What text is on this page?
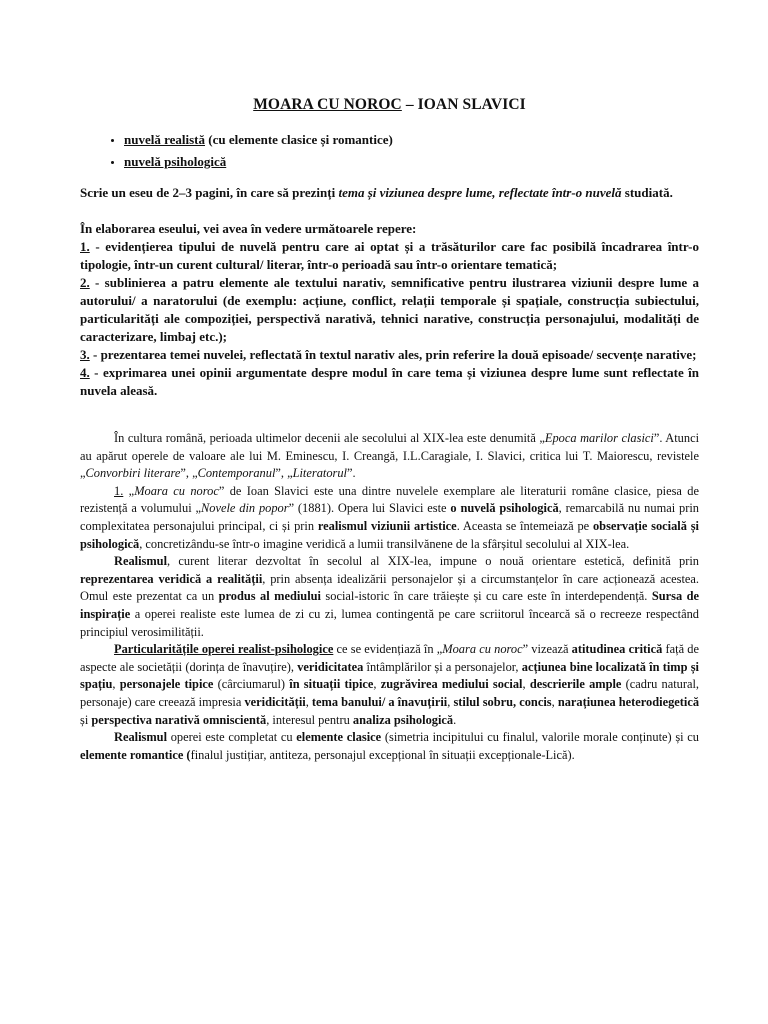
MOARA CU NOROC – IOAN SLAVICI
• nuvelă realistă (cu elemente clasice și romantice)
• nuvelă psihologică

Scrie un eseu de 2–3 pagini, în care să prezinți tema și viziunea despre lume, reflectate într-o nuvelă studiată.

În elaborarea eseului, vei avea în vedere următoarele repere:

1. - evidențierea tipului de nuvelă pentru care ai optat și a trăsăturilor care fac posibilă încadrarea într-o tipologie, într-un curent cultural/ literar, într-o perioadă sau într-o orientare tematică;

2. - sublinierea a patru elemente ale textului narativ, semnificative pentru ilustrarea viziunii despre lume a autorului/ a naratorului (de exemplu: acțiune, conflict, relații temporale și spațiale, construcția subiectului, particularități ale compoziției, perspectivă narativă, tehnici narative, construcția personajului, modalități de caracterizare, limbaj etc.);

3. - prezentarea temei nuvelei, reflectată în textul narativ ales, prin referire la două episoade/ secvențe narative;

4. - exprimarea unei opinii argumentate despre modul în care tema și viziunea despre lume sunt reflectate în nuvela aleasă.

În cultura română, perioada ultimelor decenii ale secolului al XIX-lea este denumită „Epoca marilor clasici”. Atunci au apărut operele de valoare ale lui M. Eminescu, I. Creangă, I.L.Caragiale, I. Slavici, critica lui T. Maiorescu, revistele „Convorbiri literare”, „Contemporanul”, „Literatorul”.

1. „Moara cu noroc” de Ioan Slavici este una dintre nuvelele exemplare ale literaturii române clasice, piesa de rezistență a volumului „Novele din popor” (1881). Opera lui Slavici este o nuvelă psihologică, remarcabilă nu numai prin complexitatea personajului principal, ci și prin realismul viziunii artistice. Aceasta se întemeiază pe observație socială și psihologică, concretizându-se într-o imagine veridică a lumii transilvănene de la sfârșitul secolului al XIX-lea.

Realismul, curent literar dezvoltat în secolul al XIX-lea, impune o nouă orientare estetică, definită prin reprezentarea veridică a realității, prin absența idealizării personajelor și a circumstanțelor în care acționează acestea. Omul este prezentat ca un produs al mediului social-istoric în care trăiește și cu care este în interdependență. Sursa de inspirație a operei realiste este lumea de zi cu zi, lumea contingentă pe care scriitorul încearcă să o recreeze respectând principiul verosimilității.

Particularitățile operei realist-psihologice ce se evidențiază în „Moara cu noroc” vizează atitudinea critică față de aspecte ale societății (dorința de înavuțire), veridicitatea întâmplărilor și a personajelor, acțiunea bine localizată în timp și spațiu, personajele tipice (cârciumarul) în situații tipice, zugrăvirea mediului social, descrierile ample (cadru natural, personaje) care creează impresia veridicității, tema banului/ a înavuțirii, stilul sobru, concis, narațiunea heterodiegetică și perspectiva narativă omniscientă, interesul pentru analiza psihologică.

Realismul operei este completat cu elemente clasice (simetria incipitului cu finalul, valorile morale conținute) și cu elemente romantice (finalul justițiar, antiteza, personajul excepțional în situații excepționale-Lică).
